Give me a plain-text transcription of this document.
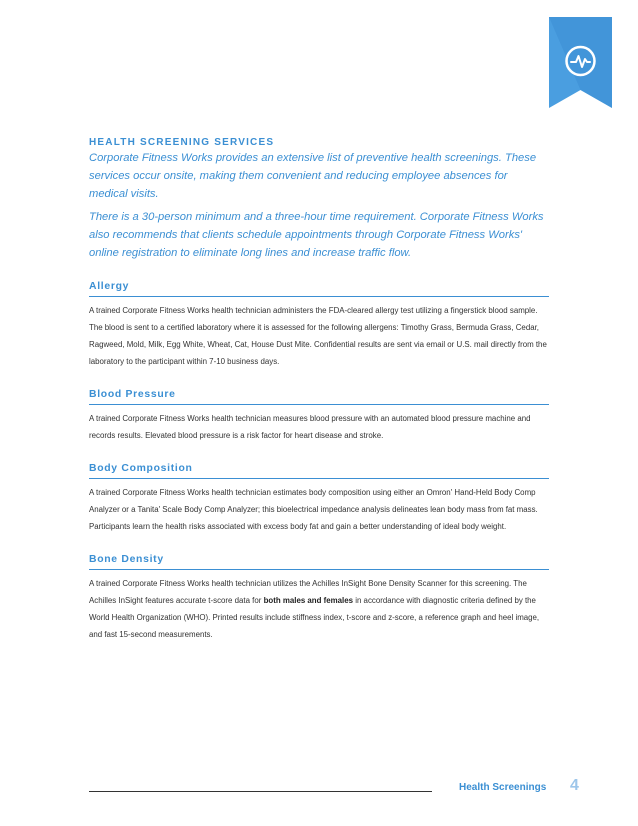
HEALTH SCREENING SERVICES

Corporate Fitness Works provides an extensive list of preventive health screenings. These services occur onsite, making them convenient and reducing employee absences for medical visits.

There is a 30-person minimum and a three-hour time requirement. Corporate Fitness Works also recommends that clients schedule appointments through Corporate Fitness Works' online registration to eliminate long lines and increase traffic flow.

Allergy

A trained Corporate Fitness Works health technician administers the FDA-cleared allergy test utilizing a fingerstick blood sample. The blood is sent to a certified laboratory where it is assessed for the following allergens: Timothy Grass, Bermuda Grass, Cedar, Ragweed, Mold, Milk, Egg White, Wheat, Cat, House Dust Mite. Confidential results are sent via email or U.S. mail directly from the laboratory to the participant within 7-10 business days.

Blood Pressure

A trained Corporate Fitness Works health technician measures blood pressure with an automated blood pressure machine and records results. Elevated blood pressure is a risk factor for heart disease and stroke.

Body Composition

A trained Corporate Fitness Works health technician estimates body composition using either an Omron' Hand-Held Body Comp Analyzer or a Tanita' Scale Body Comp Analyzer; this bioelectrical impedance analysis delineates lean body mass from fat mass. Participants learn the health risks associated with excess body fat and gain a better understanding of ideal body weight.

Bone Density

A trained Corporate Fitness Works health technician utilizes the Achilles InSight Bone Density Scanner for this screening. The Achilles InSight features accurate t-score data for both males and females in accordance with diagnostic criteria defined by the World Health Organization (WHO). Printed results include stiffness index, t-score and z-score, a reference graph and heel image, and fast 15-second measurements.

Health Screenings 4
